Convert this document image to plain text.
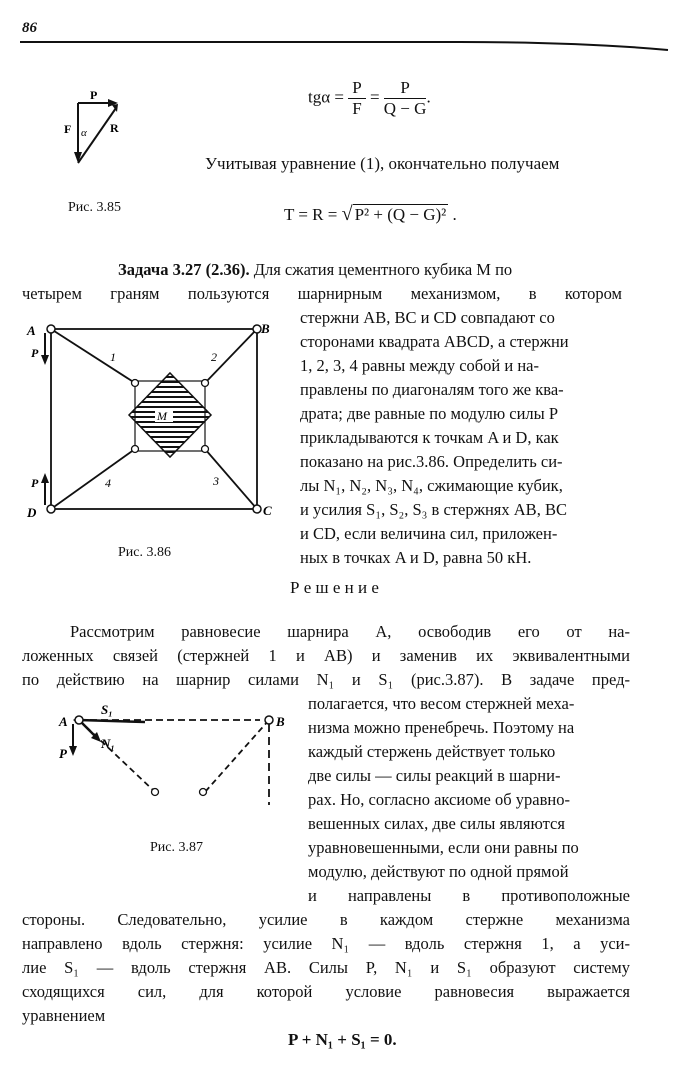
86
P
F	R
α
Рис. 3.85
$tg\alpha = \frac{P}{F} = \frac{P}{Q - G}$ .
Учитывая уравнение (1), окончательно получаем
T = R = √ P² + (Q − G)² .
Задача 3.27 (2.36). Для сжатия цементного кубика М по
четырем граням пользуются шарнирным механизмом, в котором
стержни AB, BC и CD совпадают со
сторонами квадрата ABCD, а стержни
1, 2, 3, 4 равны между собой и на-
правлены по диагоналям того же ква-
драта; две равные по модулю силы P
прикладываются к точкам A и D, как
показано на рис.3.86. Определить си-
лы N₁, N₂, N₃, N₄, сжимающие кубик,
и усилия S₁, S₂, S₃ в стержнях AB, BC
и CD, если величина сил, приложен-
ных в точках A и D, равна 50 кН.
A	B
C
D
P
P
1	2
3
4
M
Рис. 3.86
Р е ш е н и е
Рассмотрим равновесие шарнира A, освободив его от на-
ложенных связей (стержней 1 и AB) и заменив их эквивалентными
по действию на шарнир силами N₁ и S₁ (рис.3.87). В задаче пред-
полагается, что весом стержней меха-
низма можно пренебречь. Поэтому на
каждый стержень действует только
две силы — силы реакций в шарни-
рах. Но, согласно аксиоме об уравно-
вешенных силах, две силы являются
уравновешенными, если они равны по
модулю, действуют по одной прямой
и направлены в противоположные
стороны. Следовательно, усилие в каждом стержне механизма
направлено вдоль стержня: усилие N₁ — вдоль стержня 1, а уси-
лие S₁ — вдоль стержня AB. Силы P, N₁ и S₁ образуют систему
сходящихся сил, для которой условие равновесия выражается
уравнением
P + N₁ + S₁ = 0.
A	B
S₁
N₁
P
Рис. 3.87
